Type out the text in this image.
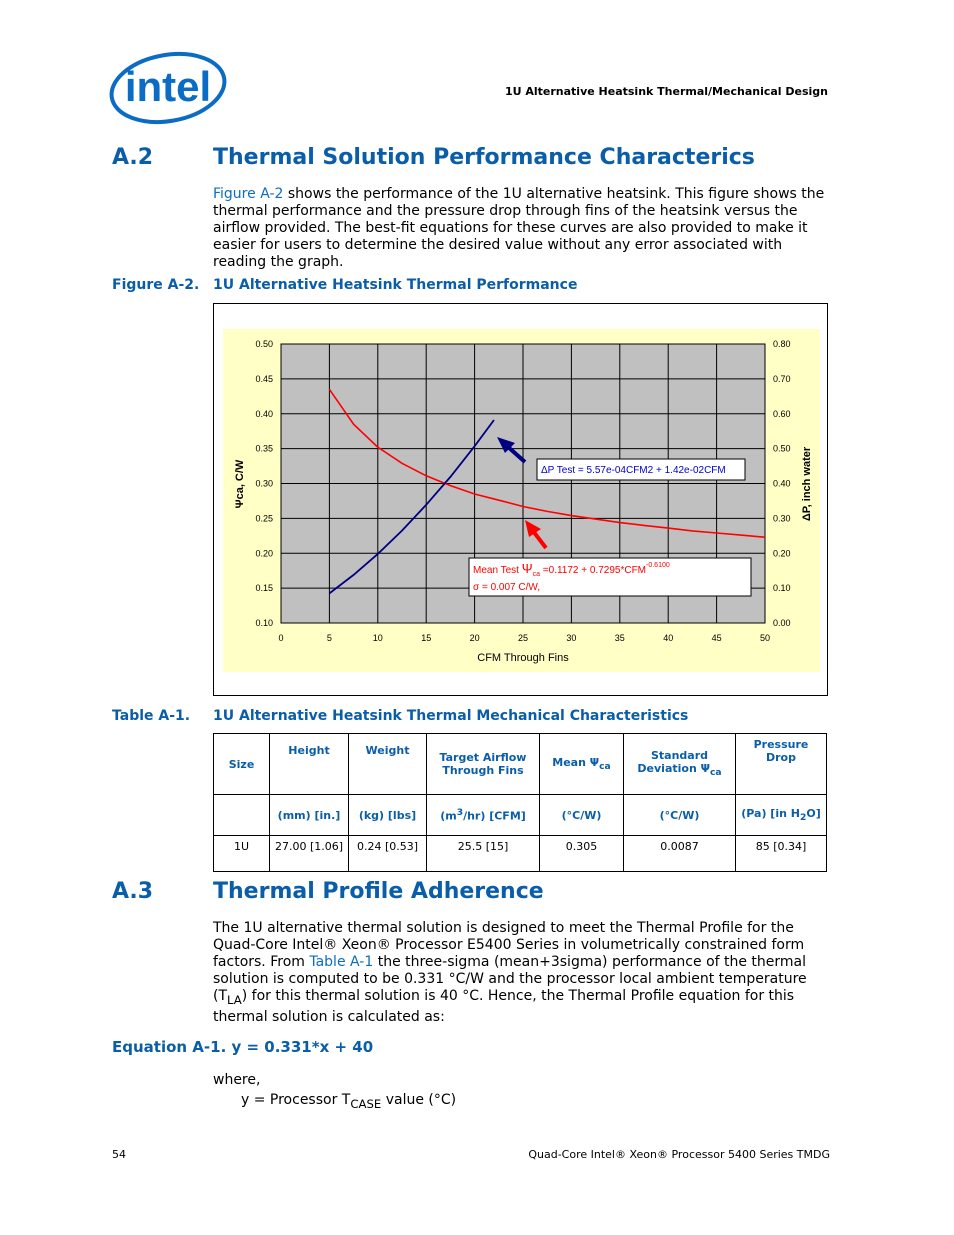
intel	1U Alternative Heatsink Thermal/Mechanical Design
A.2	Thermal Solution Performance Characterics
Figure A-2 shows the performance of the 1U alternative heatsink. This figure shows the thermal performance and the pressure drop through fins of the heatsink versus the airflow provided. The best-fit equations for these curves are also provided to make it easier for users to determine the desired value without any error associated with reading the graph.
Figure A-2. 1U Alternative Heatsink Thermal Performance
0	5	10	15	20	25	30	35	40	45	50
0.10
0.15
0.20
0.25
0.30
0.35
0.40
0.45
0.50
0.00
0.10
0.20
0.30
0.40
0.50
0.60
0.70
0.80
ΔP Test = 5.57e-04CFM2 + 1.42e-02CFM
Mean Test $\Psi_{ca} =0.1172 + 0.7295*CFM^{-0.6100}$
σ = 0.007 C/W,
CFM Through Fins
Ψca, C/W	ΔP, inch water
Table A-1. 1U Alternative Heatsink Thermal Mechanical Characteristics
Size	Height	Weight	Target Airflow Through Fins	Mean $\Psi_{ca}$	Standard Deviation $\Psi_{ca}$	Pressure Drop
	(mm) [in.]	(kg) [lbs]	$(m^3/hr)$ [CFM]	(°C/W)	(°C/W)	(Pa) [in $H_2O$]
1U	27.00 [1.06]	0.24 [0.53]	25.5 [15]	0.305	0.0087	85 [0.34]
A.3	Thermal Profile Adherence
The 1U alternative thermal solution is designed to meet the Thermal Profile for the Quad-Core Intel® Xeon® Processor E5400 Series in volumetrically constrained form factors. From Table A-1 the three-sigma (mean+3sigma) performance of the thermal solution is computed to be 0.331 °C/W and the processor local ambient temperature $(T_{LA})$ for this thermal solution is 40 °C. Hence, the Thermal Profile equation for this thermal solution is calculated as:
Equation A-1. y = 0.331*x + 40
where,
y = Processor $T_{CASE}$ value (°C)
54	Quad-Core Intel® Xeon® Processor 5400 Series TMDG
